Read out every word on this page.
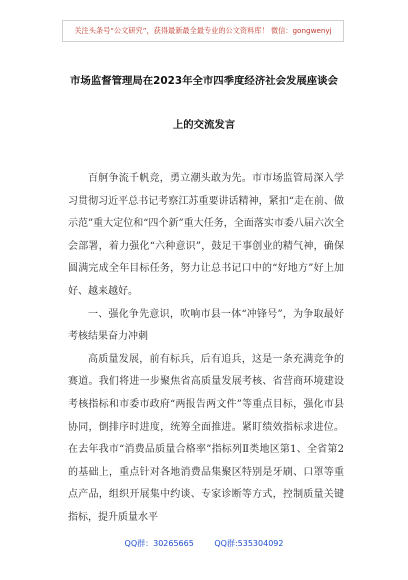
关注头条号“公文研究”，获得最新最全最专业的公文资料库！ 微信：gongwenyj
市场监督管理局在2023年全市四季度经济社会发展座谈会
上的交流发言

百舸争流千帆竞，勇立潮头敢为先。市市场监管局深入学习贯彻习近平总书记考察江苏重要讲话精神，紧扣“走在前、做示范”重大定位和“四个新”重大任务，全面落实市委八届六次全会部署，着力强化“六种意识”，鼓足干事创业的精气神，确保圆满完成全年目标任务，努力让总书记口中的“好地方”好上加好、越来越好。

一、强化争先意识，吹响市县一体“冲锋号”，为争取最好考核结果奋力冲刺

高质量发展，前有标兵，后有追兵，这是一条充满竞争的赛道。我们将进一步聚焦省高质量发展考核、省营商环境建设考核指标和市委市政府“两报告两文件”等重点目标，强化市县协同，倒排序时进度，统筹全面推进。紧盯绩效指标求进位。在去年我市“消费品质量合格率”指标列Ⅱ类地区第1、全省第2的基础上，重点针对各地消费品集聚区特别是牙刷、口罩等重点产品，组织开展集中约谈、专家诊断等方式，控制质量关键指标，提升质量水平

QQ群：30265665	QQ群:535304092
